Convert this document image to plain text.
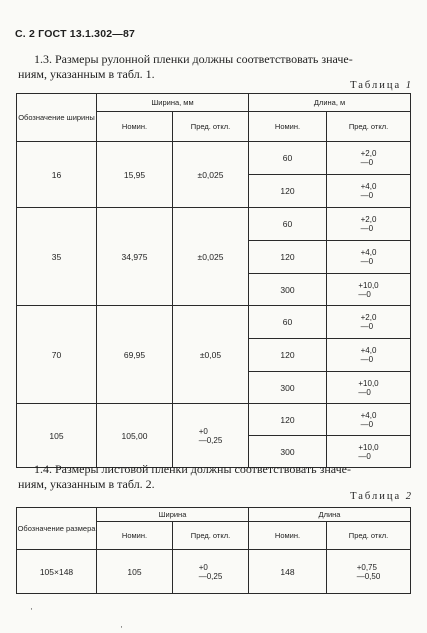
С. 2 ГОСТ 13.1.302—87
1.3. Размеры рулонной пленки должны соответствовать значе-
ниям, указанным в табл. 1.
Таблица 1
Обозначение ширины	Ширина, мм		Длина, м	
	Номин.	Пред. откл.	Номин.	Пред. откл.
16	15,95	±0,025	60	+2,0
—0

			120	+4,0
—0

35	34,975	±0,025	60	+2,0
—0

			120	+4,0
—0

			300	+10,0
—0

70	69,95	±0,05	60	+2,0
—0

			120	+4,0
—0

			300	+10,0
—0

105	105,00	+0
—0,25	120	+4,0
—0

			300	+10,0
—0
1.4. Размеры листовой пленки должны соответствовать значе-
ниям, указанным в табл. 2.
Таблица 2
Обозначение размера	Ширина		Длина	
	Номин.	Пред. откл.	Номин.	Пред. откл.
105×148	105	+0
—0,25	148	+0,75
—0,50
·
·
